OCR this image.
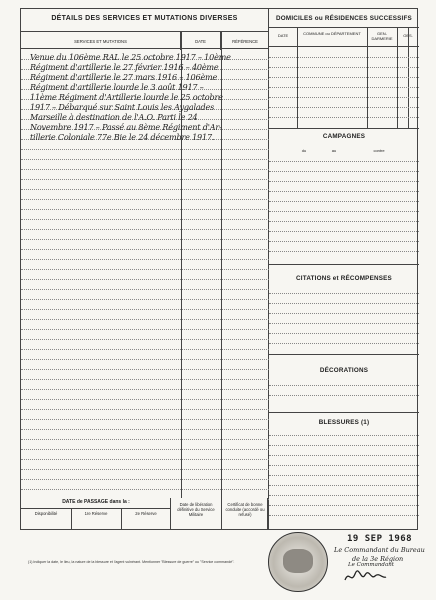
DÉTAILS DES SERVICES ET MUTATIONS DIVERSES
SERVICES ET MUTATIONS	DATE	RÉFÉRENCE
Venue du 106ème RAL le 25 octobre 1917 – 10ème
Régiment d'artillerie le 27 février 1916 – 40ème
Régiment d'artillerie le 27 mars 1916 – 106ème
Régiment d'artillerie lourde le 3 août 1917 –
11ème Régiment d'Artillerie lourde le 25 octobre
1917 – Débarqué sur Saint Louis les Aygalades
Marseille à destination de l'A.O. Parti le 24
Novembre 1917 – Passé au 8ème Régiment d'Ar-
tillerie Coloniale 77e Bie le 24 décembre 1917.
DOMICILES ou RÉSIDENCES SUCCESSIFS
DATE	COMMUNE ou DÉPARTEMENT	GEN-DARMERIE
OBS.
CAMPAGNES
du	au	contre
CITATIONS et RÉCOMPENSES
DÉCORATIONS
BLESSURES (1)
DATE de PASSAGE dans la :
Disponibilité	1re Réserve	2e Réserve
Date de libération définitive du Service Militaire
Certificat de bonne conduite (accordé ou refusé)
(1) Indiquer la date, le lieu, la nature de la blessure et l'agent vulnérant. Mentionner "Blessure de guerre" ou "Service commandé".
19 SEP 1968
Le Commandant du Bureau
de la 3e Région
Le Commandant
